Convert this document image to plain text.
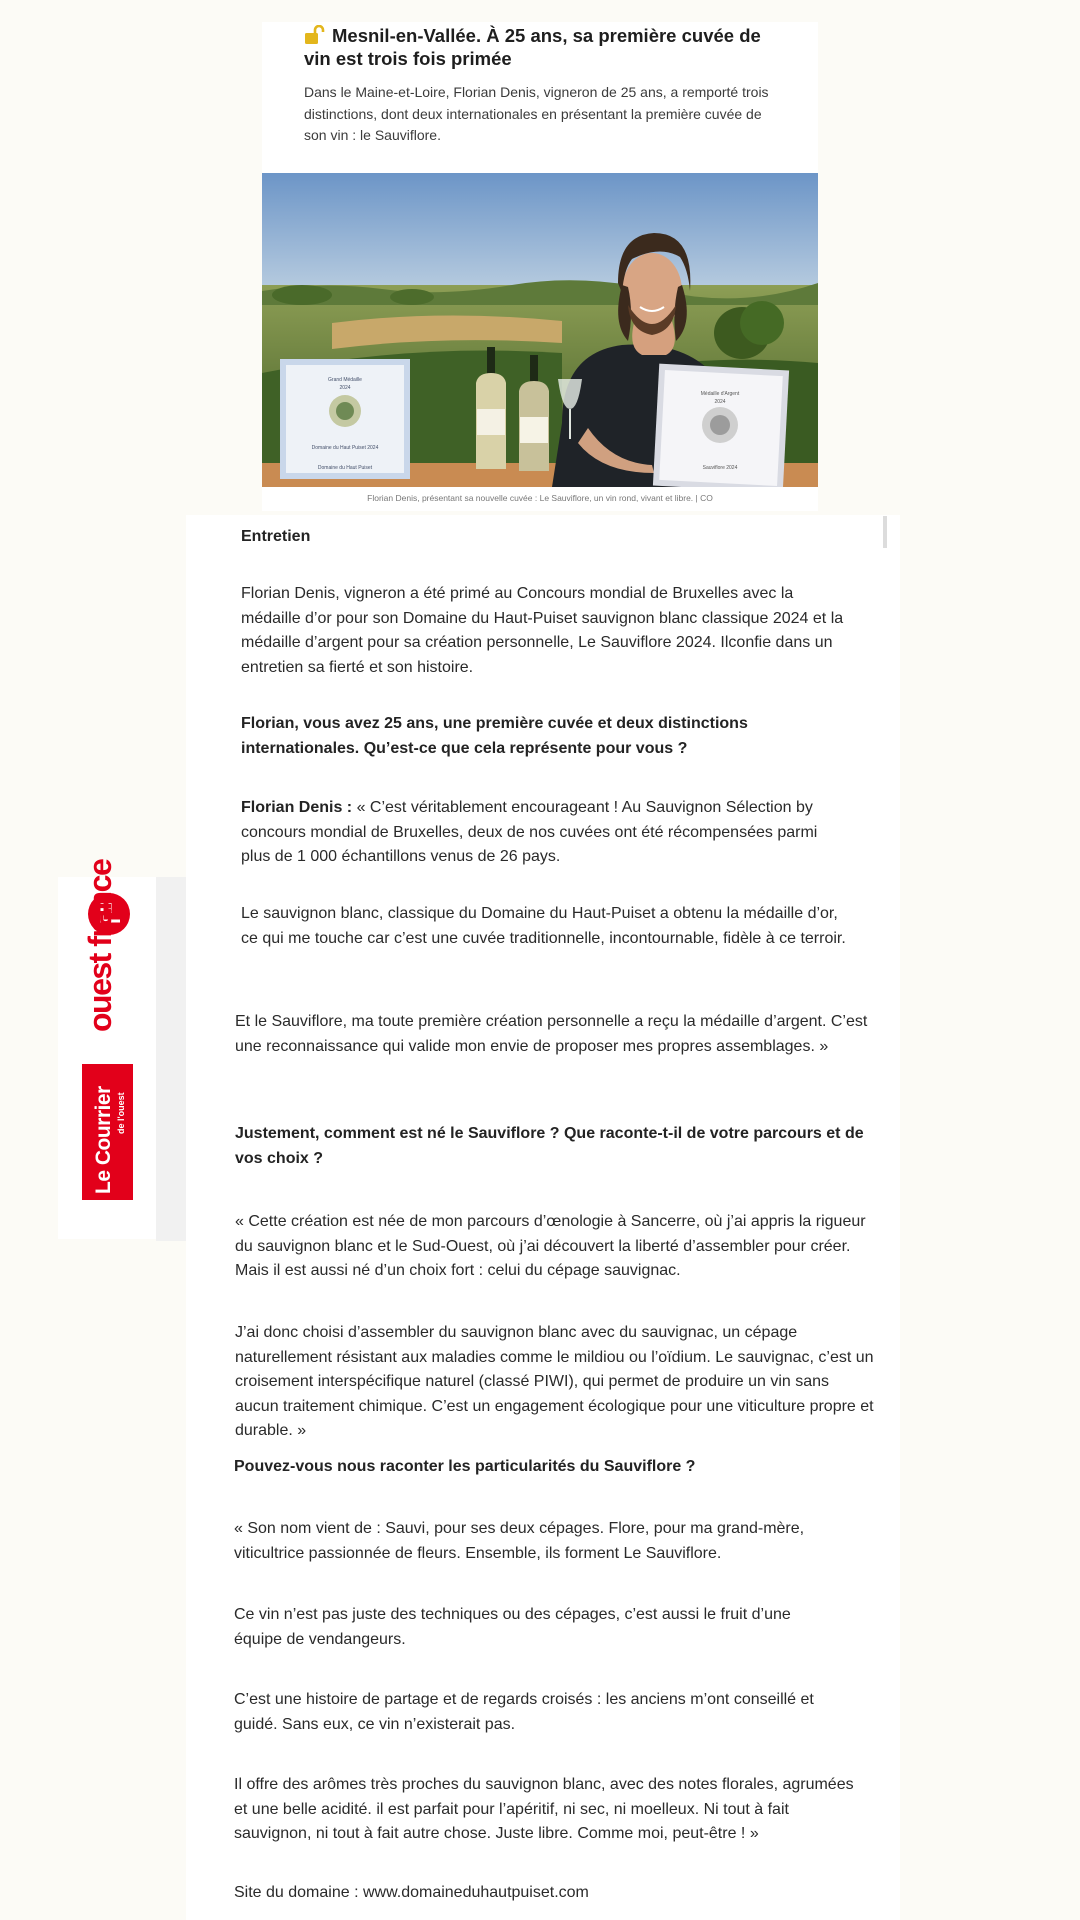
Mesnil-en-Vallée. À 25 ans, sa première cuvée de vin est trois fois primée

Dans le Maine-et-Loire, Florian Denis, vigneron de 25 ans, a remporté trois distinctions, dont deux internationales en présentant la première cuvée de son vin : le Sauviflore.

Grand Médaille
2024
Domaine du Haut Puiset 2024
Domaine du Haut Puiset
Médaille d'Argent
2024
Sauviflore 2024
Florian Denis, présentant sa nouvelle cuvée : Le Sauviflore, un vin rond, vivant et libre. | CO
ouest france
Le Courrier de l'ouest

Entretien

Florian Denis, vigneron a été primé au Concours mondial de Bruxelles avec la médaille d’or pour son Domaine du Haut-Puiset sauvignon blanc classique 2024 et la médaille d’argent pour sa création personnelle, Le Sauviflore 2024. Ilconfie dans un entretien sa fierté et son histoire.

Florian, vous avez 25 ans, une première cuvée et deux distinctions internationales. Qu’est-ce que cela représente pour vous ?

Florian Denis : « C’est véritablement encourageant ! Au Sauvignon Sélection by concours mondial de Bruxelles, deux de nos cuvées ont été récompensées parmi plus de 1 000 échantillons venus de 26 pays.

Le sauvignon blanc, classique du Domaine du Haut-Puiset a obtenu la médaille d’or, ce qui me touche car c’est une cuvée traditionnelle, incontournable, fidèle à ce terroir.

Et le Sauviflore, ma toute première création personnelle a reçu la médaille d’argent. C’est une reconnaissance qui valide mon envie de proposer mes propres assemblages. »

Justement, comment est né le Sauviflore ? Que raconte-t-il de votre parcours et de vos choix ?

« Cette création est née de mon parcours d’œnologie à Sancerre, où j’ai appris la rigueur du sauvignon blanc et le Sud-Ouest, où j’ai découvert la liberté d’assembler pour créer. Mais il est aussi né d’un choix fort : celui du cépage sauvignac.

J’ai donc choisi d’assembler du sauvignon blanc avec du sauvignac, un cépage naturellement résistant aux maladies comme le mildiou ou l’oïdium. Le sauvignac, c’est un croisement interspécifique naturel (classé PIWI), qui permet de produire un vin sans aucun traitement chimique. C’est un engagement écologique pour une viticulture propre et durable. »

Pouvez-vous nous raconter les particularités du Sauviflore ?

« Son nom vient de : Sauvi, pour ses deux cépages. Flore, pour ma grand-mère, viticultrice passionnée de fleurs. Ensemble, ils forment Le Sauviflore.

Ce vin n’est pas juste des techniques ou des cépages, c’est aussi le fruit d’une équipe de vendangeurs.

C’est une histoire de partage et de regards croisés : les anciens m’ont conseillé et guidé. Sans eux, ce vin n’existerait pas.

Il offre des arômes très proches du sauvignon blanc, avec des notes florales, agrumées et une belle acidité. il est parfait pour l’apéritif, ni sec, ni moelleux. Ni tout à fait sauvignon, ni tout à fait autre chose. Juste libre. Comme moi, peut-être ! »

Site du domaine : www.domaineduhautpuiset.com
